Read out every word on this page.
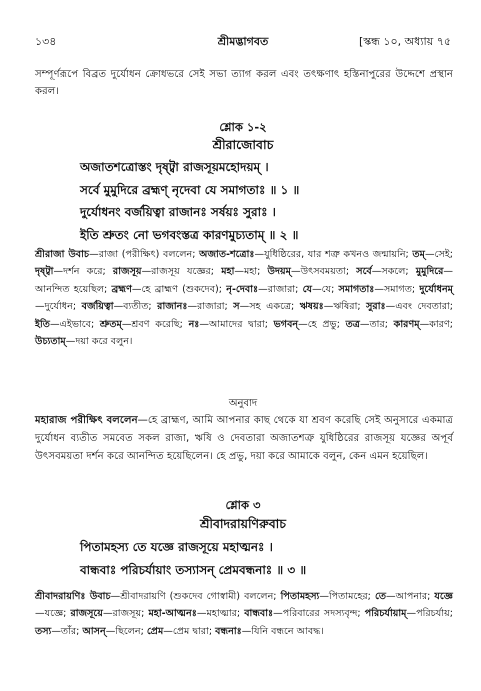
১৩৪	শ্রীমদ্ভাগবত	[স্কন্ধ ১০, অধ্যায় ৭৫
সম্পূর্ণরূপে বিব্রত দুর্যোধন ক্রোধভরে সেই সভা ত্যাগ করল এবং তৎক্ষণাৎ হস্তিনাপুরের উদ্দেশে প্রস্থান করল।
শ্লোক ১-২
শ্রীরাজোবাচ
অজাতশত্রোস্তং দৃষ্ট্বা রাজসূয়মহোদয়ম্ ।
সর্বে মুমুদিরে ব্রহ্মণ্ নৃদেবা যে সমাগতাঃ ॥ ১ ॥
দুর্যোধনং বর্জয়িত্বা রাজানঃ সর্ষয়ঃ সুরাঃ ।
ইতি শ্রুতং নো ভগবংস্তত্র কারণমুচ্যতাম্ ॥ ২ ॥
শ্রীরাজা উবাচ—রাজা (পরীক্ষিৎ) বললেন; অজাত-শত্রোঃ—যুধিষ্ঠিরের, যার শত্রু কখনও জন্মায়নি; তম্—সেই; দৃষ্ট্বা—দর্শন করে; রাজসূয়—রাজসূয় যজ্ঞের; মহা—মহা; উদয়ম্—উৎসবময়তা; সর্বে—সকলে; মুমুদিরে—আনন্দিত হয়েছিল; ব্রহ্মণ—হে ব্রাহ্মণ (শুকদেব); নৃ-দেবাঃ—রাজারা; যে—যে; সমাগতাঃ—সমাগত; দুর্যোধনম্—দুর্যোধন; বর্জয়িত্বা—ব্যতীত; রাজানঃ—রাজারা; স—সহ একত্রে; ঋষয়ঃ—ঋষিরা; সুরাঃ—এবং দেবতারা; ইতি—এইভাবে; শ্রুতম্—শ্রবণ করেছি; নঃ—আমাদের দ্বারা; ভগবন্—হে প্রভু; তত্র—তার; কারণম্—কারণ; উচ্যতাম্—দয়া করে বলুন।
অনুবাদ
মহারাজ পরীক্ষিৎ বললেন—হে ব্রাহ্মণ, আমি আপনার কাছ থেকে যা শ্রবণ করেছি সেই অনুসারে একমাত্র দুর্যোধন ব্যতীত সমবেত সকল রাজা, ঋষি ও দেবতারা অজাতশত্রু যুধিষ্ঠিরের রাজসূয় যজ্ঞের অপূর্ব উৎসবময়তা দর্শন করে আনন্দিত হয়েছিলেন। হে প্রভু, দয়া করে আমাকে বলুন, কেন এমন হয়েছিল।
শ্লোক ৩
শ্রীবাদরায়ণিরুবাচ
পিতামহস্য তে যজ্ঞে রাজসূয়ে মহাত্মনঃ ।
বান্ধবাঃ পরিচর্যায়াং তস্যাসন্ প্রেমবন্ধনাঃ ॥ ৩ ॥
শ্রীবাদরায়ণিঃ উবাচ—শ্রীবাদরায়ণি (শুকদেব গোস্বামী) বললেন; পিতামহস্য—পিতামহের; তে—আপনার; যজ্ঞে—যজ্ঞে; রাজসূয়ে—রাজসূয়; মহা-আত্মনঃ—মহাত্মার; বান্ধবাঃ—পরিবারের সদস্যবৃন্দ; পরিচর্যায়াম্—পরিচর্যায়; তস্য—তাঁর; আসন্—ছিলেন; প্রেম—প্রেম দ্বারা; বন্ধনাঃ—যিনি বন্ধনে আবদ্ধ।
